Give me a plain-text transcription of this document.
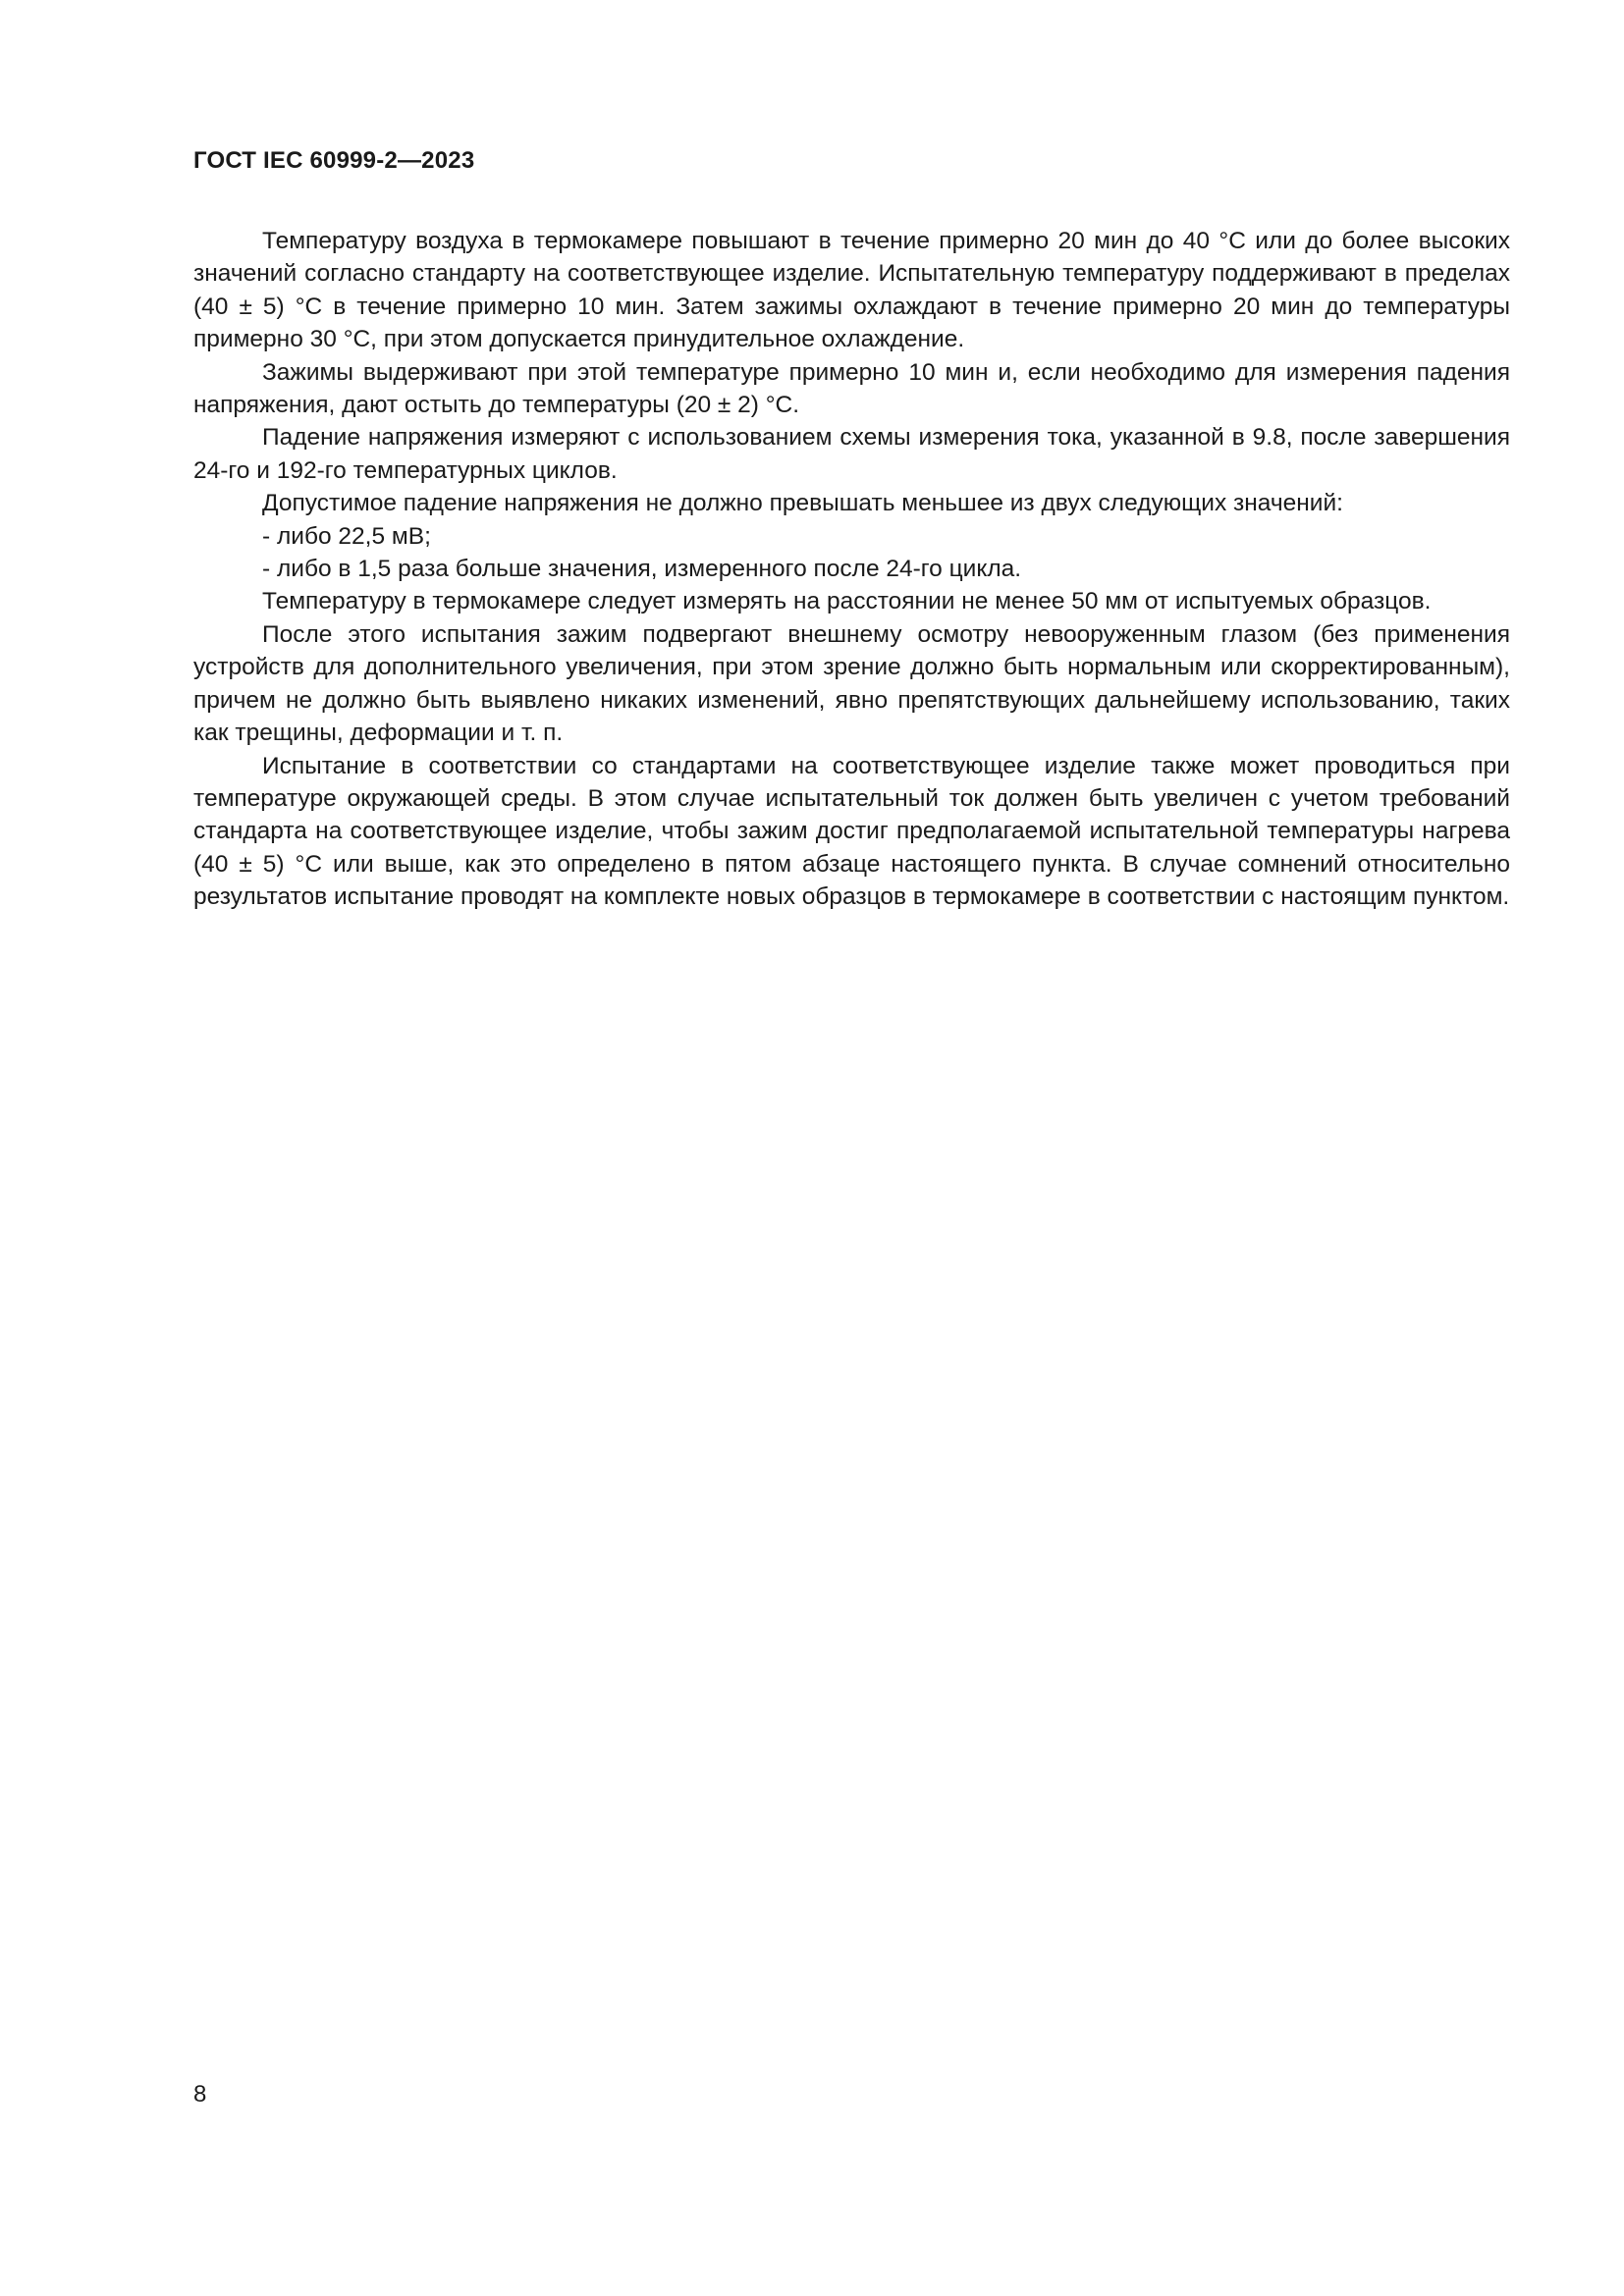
ГОСТ IEC 60999-2—2023

Температуру воздуха в термокамере повышают в течение примерно 20 мин до 40 °С или до более высоких значений согласно стандарту на соответствующее изделие. Испытательную температуру поддерживают в пределах (40 ± 5) °С в течение примерно 10 мин. Затем зажимы охлаждают в течение примерно 20 мин до температуры примерно 30 °С, при этом допускается принудительное охлаждение.

Зажимы выдерживают при этой температуре примерно 10 мин и, если необходимо для измерения падения напряжения, дают остыть до температуры (20 ± 2) °С.

Падение напряжения измеряют с использованием схемы измерения тока, указанной в 9.8, после завершения 24-го и 192-го температурных циклов.

Допустимое падение напряжения не должно превышать меньшее из двух следующих значений:

- либо 22,5 мВ;

- либо в 1,5 раза больше значения, измеренного после 24-го цикла.

Температуру в термокамере следует измерять на расстоянии не менее 50 мм от испытуемых образцов.

После этого испытания зажим подвергают внешнему осмотру невооруженным глазом (без применения устройств для дополнительного увеличения, при этом зрение должно быть нормальным или скорректированным), причем не должно быть выявлено никаких изменений, явно препятствующих дальнейшему использованию, таких как трещины, деформации и т. п.

Испытание в соответствии со стандартами на соответствующее изделие также может проводиться при температуре окружающей среды. В этом случае испытательный ток должен быть увеличен с учетом требований стандарта на соответствующее изделие, чтобы зажим достиг предполагаемой испытательной температуры нагрева (40 ± 5) °С или выше, как это определено в пятом абзаце настоящего пункта. В случае сомнений относительно результатов испытание проводят на комплекте новых образцов в термокамере в соответствии с настоящим пунктом.

8
